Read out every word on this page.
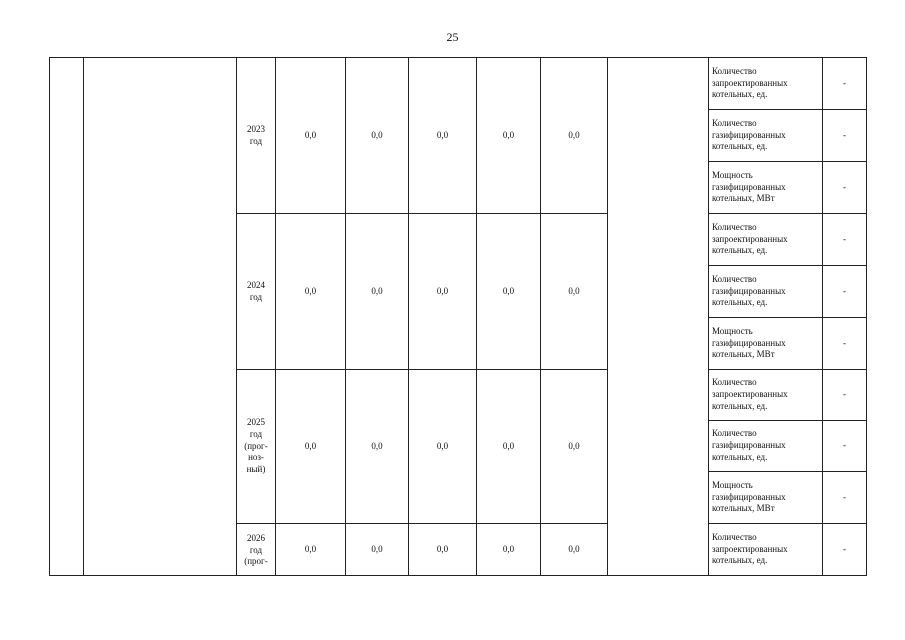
25
		2023
год	0,0	0,0	0,0	0,0	0,0		Количество
запроектированных
котельных, ед.	-
									Количество
газифицированных
котельных, ед.	-
									Мощность
газифицированных
котельных, МВт	-
		2024
год	0,0	0,0	0,0	0,0	0,0		Количество
запроектированных
котельных, ед.	-
									Количество
газифицированных
котельных, ед.	-
									Мощность
газифицированных
котельных, МВт	-
		2025
год
(прог-
ноз-
ный)	0,0	0,0	0,0	0,0	0,0		Количество
запроектированных
котельных, ед.	-
									Количество
газифицированных
котельных, ед.	-
									Мощность
газифицированных
котельных, МВт	-
		2026
год
(прог-	0,0	0,0	0,0	0,0	0,0		Количество
запроектированных
котельных, ед.	-
